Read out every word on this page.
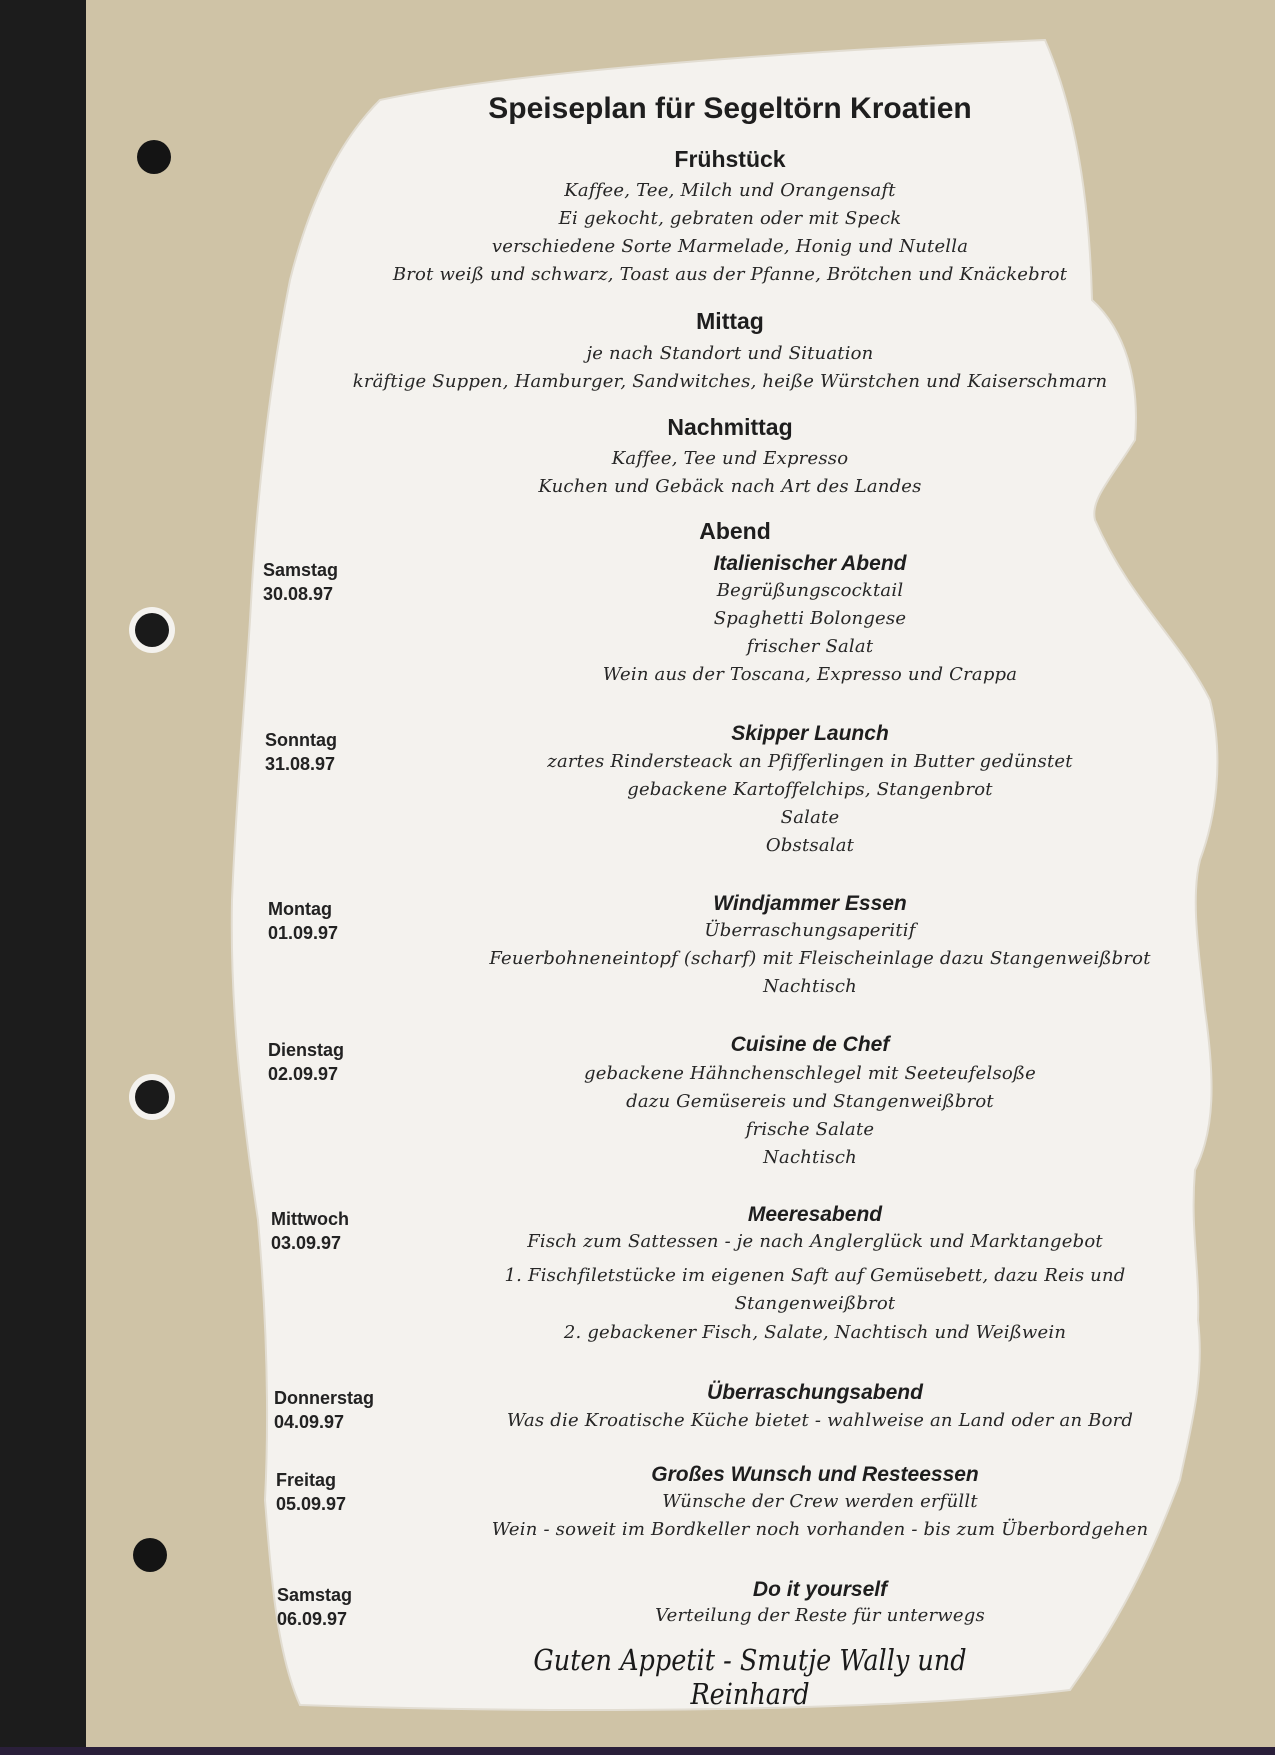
Speiseplan für Segeltörn Kroatien
Frühstück
Kaffee, Tee, Milch und Orangensaft
Ei gekocht, gebraten oder mit Speck
verschiedene Sorte Marmelade, Honig und Nutella
Brot weiß und schwarz, Toast aus der Pfanne, Brötchen und Knäckebrot
Mittag
je nach Standort und Situation
kräftige Suppen, Hamburger, Sandwitches, heiße Würstchen und Kaiserschmarn
Nachmittag
Kaffee, Tee und Expresso
Kuchen und Gebäck nach Art des Landes
Abend
Samstag
30.08.97
Italienischer Abend
Begrüßungscocktail
Spaghetti Bolongese
frischer Salat
Wein aus der Toscana, Expresso und Crappa
Sonntag
31.08.97
Skipper Launch
zartes Rindersteack an Pfifferlingen in Butter gedünstet
gebackene Kartoffelchips, Stangenbrot
Salate
Obstsalat
Montag
01.09.97
Windjammer Essen
Überraschungsaperitif
Feuerbohneneintopf (scharf) mit Fleischeinlage dazu Stangenweißbrot
Nachtisch
Dienstag
02.09.97
Cuisine de Chef
gebackene Hähnchenschlegel mit Seeteufelsoße
dazu Gemüsereis und Stangenweißbrot
frische Salate
Nachtisch
Mittwoch
03.09.97
Meeresabend
Fisch zum Sattessen - je nach Anglerglück und Marktangebot
1. Fischfiletstücke im eigenen Saft auf Gemüsebett, dazu Reis und
Stangenweißbrot
2. gebackener Fisch, Salate, Nachtisch und Weißwein
Donnerstag
04.09.97
Überraschungsabend
Was die Kroatische Küche bietet - wahlweise an Land oder an Bord
Freitag
05.09.97
Großes Wunsch und Resteessen
Wünsche der Crew werden erfüllt
Wein - soweit im Bordkeller noch vorhanden - bis zum Überbordgehen
Samstag
06.09.97
Do it yourself
Verteilung der Reste für unterwegs
Guten Appetit - Smutje Wally und Reinhard
